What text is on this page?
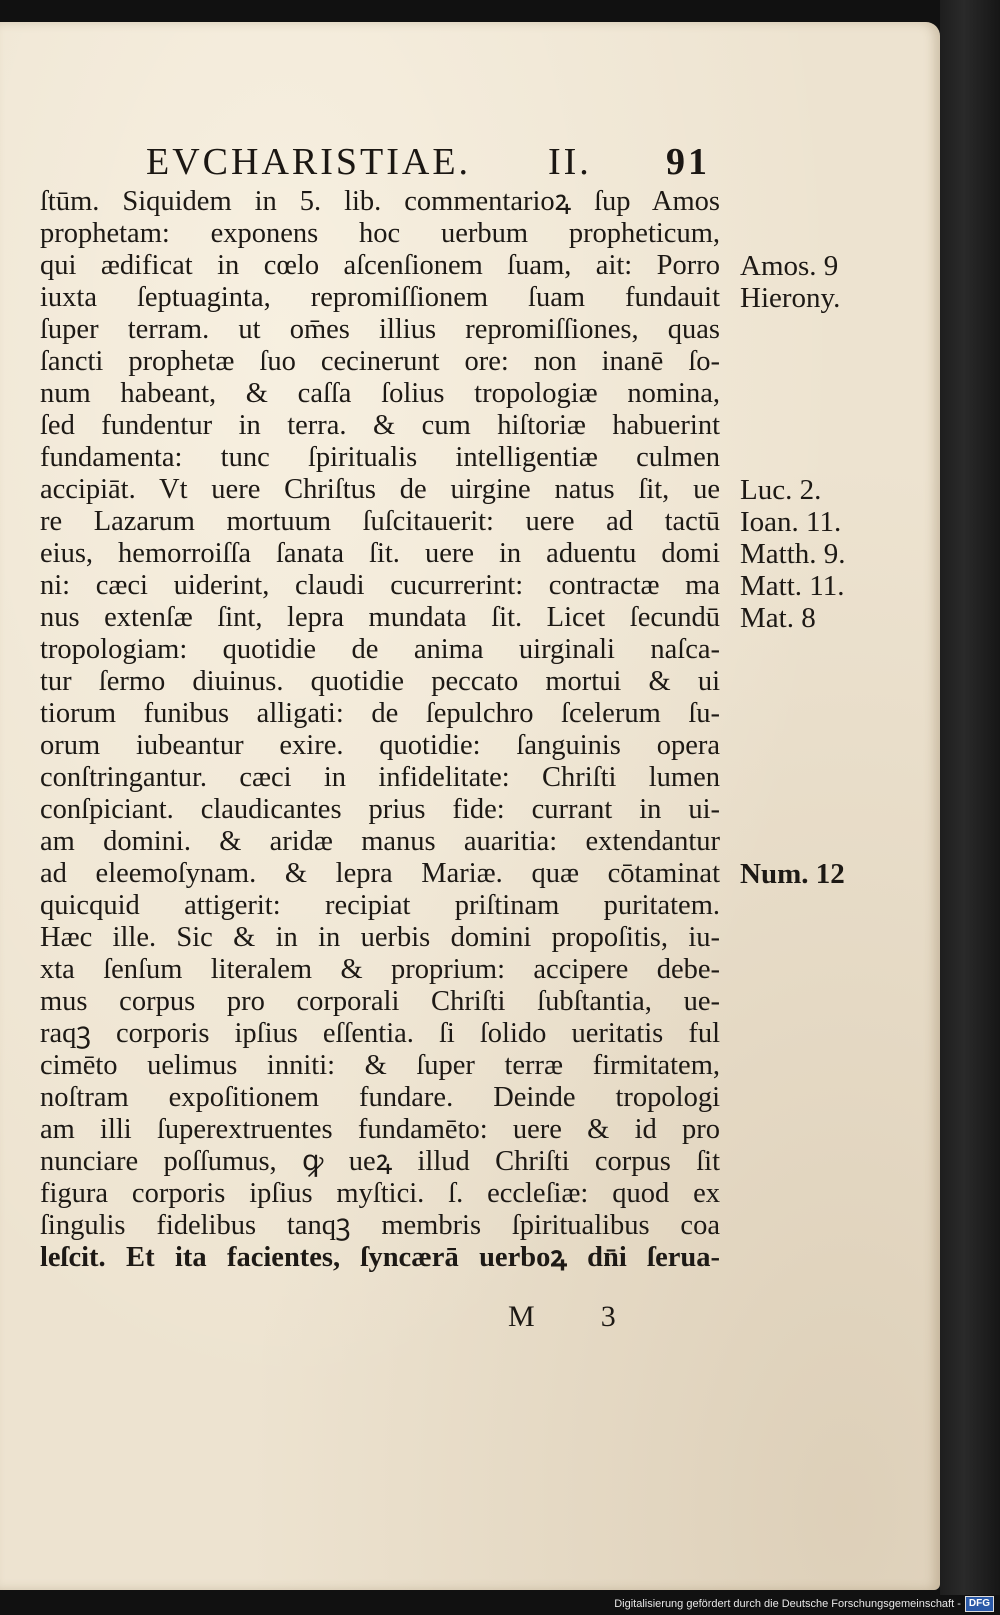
EVCHARISTIAE. II. 91
ſtūm. Siquidem in 5. lib. commentarioꝝ ſup Amos
prophetam: exponens hoc uerbum propheticum,
qui ædificat in cœlo aſcenſionem ſuam, ait: Porro
iuxta ſeptuaginta, repromiſſionem ſuam fundauit
ſuper terram. ut om̄es illius repromiſſiones, quas
ſancti prophetæ ſuo cecinerunt ore: non inanē ſo-
num habeant, & caſſa ſolius tropologiæ nomina,
ſed fundentur in terra. & cum hiſtoriæ habuerint
fundamenta: tunc ſpiritualis intelligentiæ culmen
accipiāt. Vt uere Chriſtus de uirgine natus ſit, ue
re Lazarum mortuum ſuſcitauerit: uere ad tactū
eius, hemorroiſſa ſanata ſit. uere in aduentu domi
ni: cæci uiderint, claudi cucurrerint: contractæ ma
nus extenſæ ſint, lepra mundata ſit. Licet ſecundū
tropologiam: quotidie de anima uirginali naſca-
tur ſermo diuinus. quotidie peccato mortui & ui
tiorum funibus alligati: de ſepulchro ſcelerum ſu-
orum iubeantur exire. quotidie: ſanguinis opera
conſtringantur. cæci in infidelitate: Chriſti lumen
conſpiciant. claudicantes prius fide: currant in ui-
am domini. & aridæ manus auaritia: extendantur
ad eleemoſynam. & lepra Mariæ. quæ cōtaminat
quicquid attigerit: recipiat priſtinam puritatem.
Hæc ille. Sic & in in uerbis domini propoſitis, iu-
xta ſenſum literalem & proprium: accipere debe-
mus corpus pro corporali Chriſti ſubſtantia, ue-
raqꝫ corporis ipſius eſſentia. ſi ſolido ueritatis ful
cimēto uelimus inniti: & ſuper terræ firmitatem,
noſtram expoſitionem fundare. Deinde tropologi
am illi ſuperextruentes fundamēto: uere & id pro
nunciare poſſumus, ꝙ ueꝝ illud Chriſti corpus ſit
figura corporis ipſius myſtici. ſ. eccleſiæ: quod ex
ſingulis fidelibus tanqꝫ membris ſpiritualibus coa
leſcit. Et ita facientes, ſyncærā uerboꝝ dn̄i ſerua-
Amos. 9
Hierony.
Luc. 2.
Ioan. 11.
Matth. 9.
Matt. 11.
Mat. 8
Num. 12
M 3
Digitalisierung gefördert durch die Deutsche Forschungsgemeinschaft - DFG
